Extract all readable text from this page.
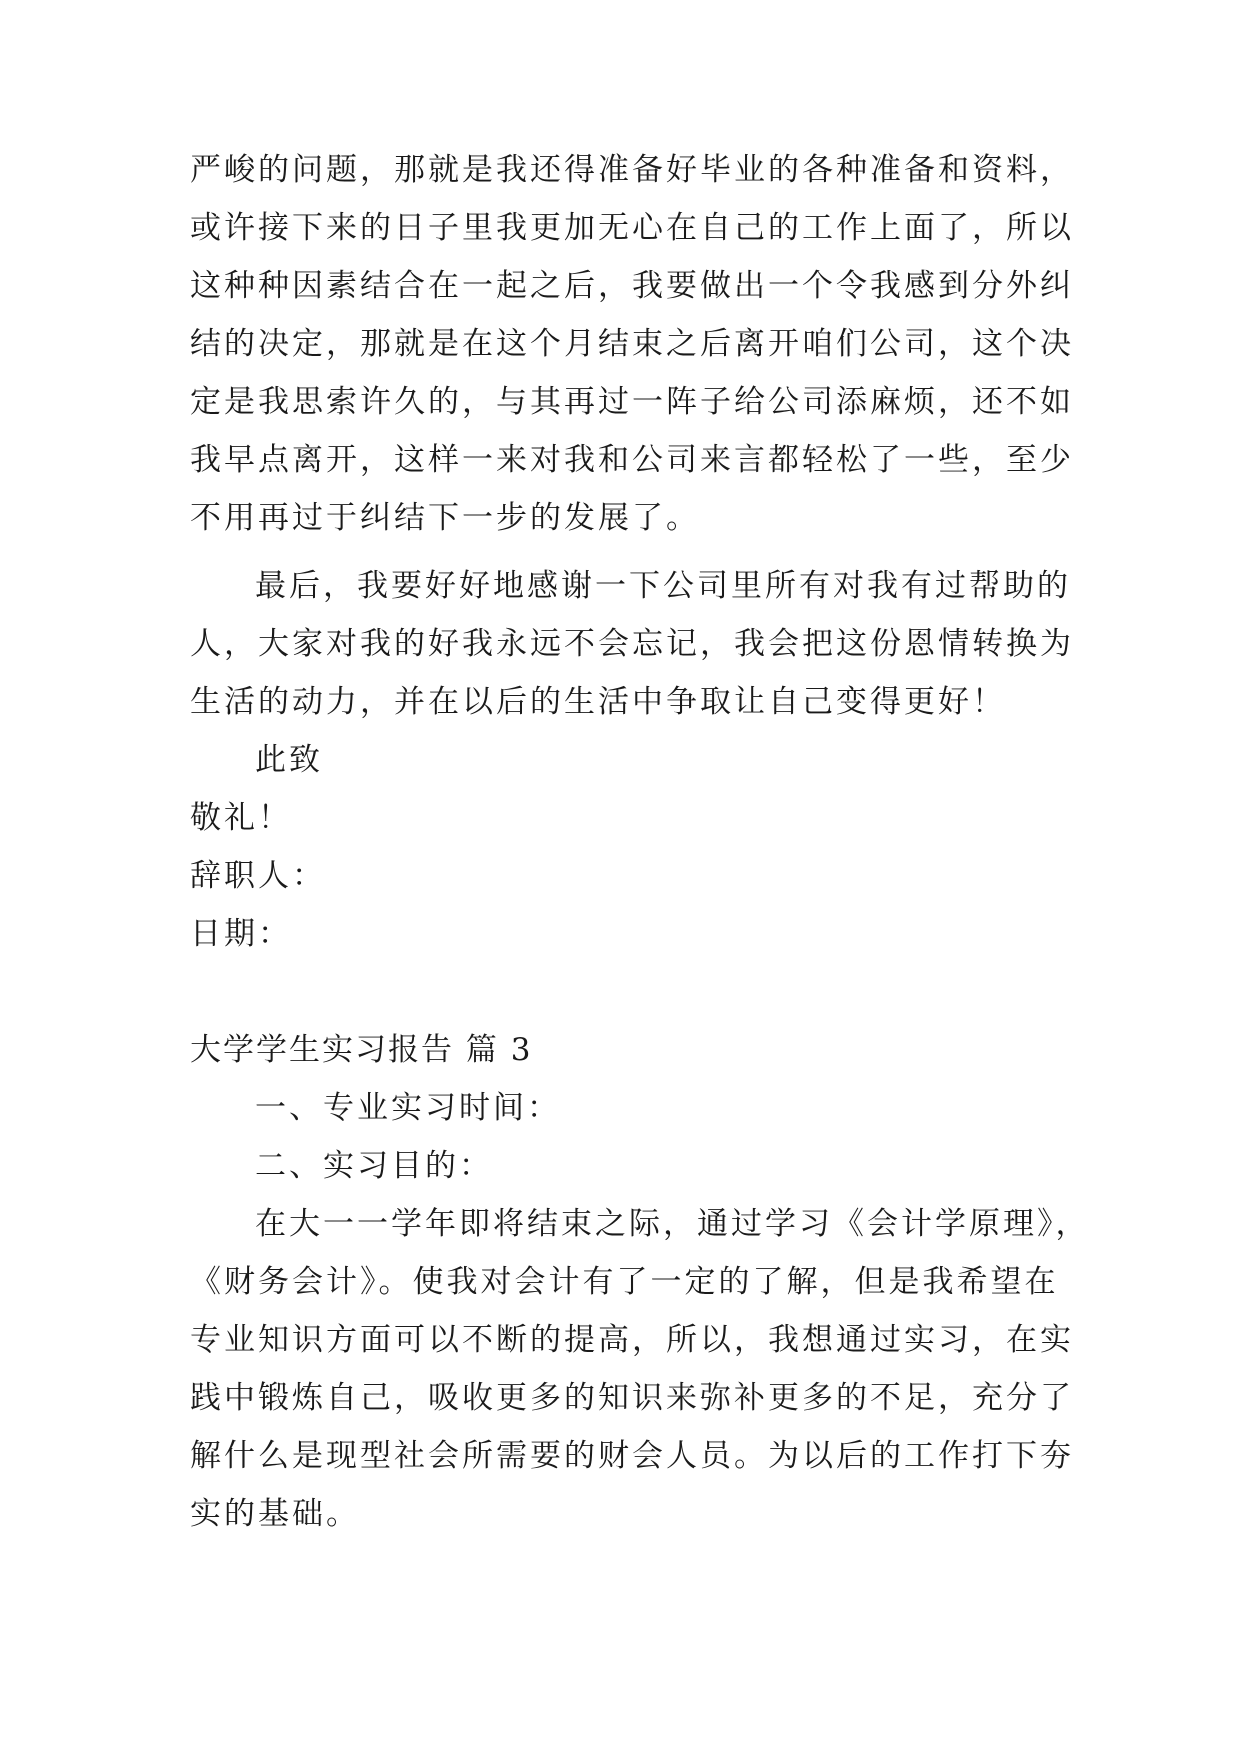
严峻的问题，那就是我还得准备好毕业的各种准备和资料，
或许接下来的日子里我更加无心在自己的工作上面了，所以
这种种因素结合在一起之后，我要做出一个令我感到分外纠
结的决定，那就是在这个月结束之后离开咱们公司，这个决
定是我思索许久的，与其再过一阵子给公司添麻烦，还不如
我早点离开，这样一来对我和公司来言都轻松了一些，至少
不用再过于纠结下一步的发展了。
最后，我要好好地感谢一下公司里所有对我有过帮助的
人，大家对我的好我永远不会忘记，我会把这份恩情转换为
生活的动力，并在以后的生活中争取让自己变得更好！
此致
敬礼！
辞职人：
日期：
大学学生实习报告 篇 3
一、专业实习时间：
二、实习目的：
在大一一学年即将结束之际，通过学习《会计学原理》，
《财务会计》。使我对会计有了一定的了解，但是我希望在
专业知识方面可以不断的提高，所以，我想通过实习，在实
践中锻炼自己，吸收更多的知识来弥补更多的不足，充分了
解什么是现型社会所需要的财会人员。为以后的工作打下夯
实的基础。
